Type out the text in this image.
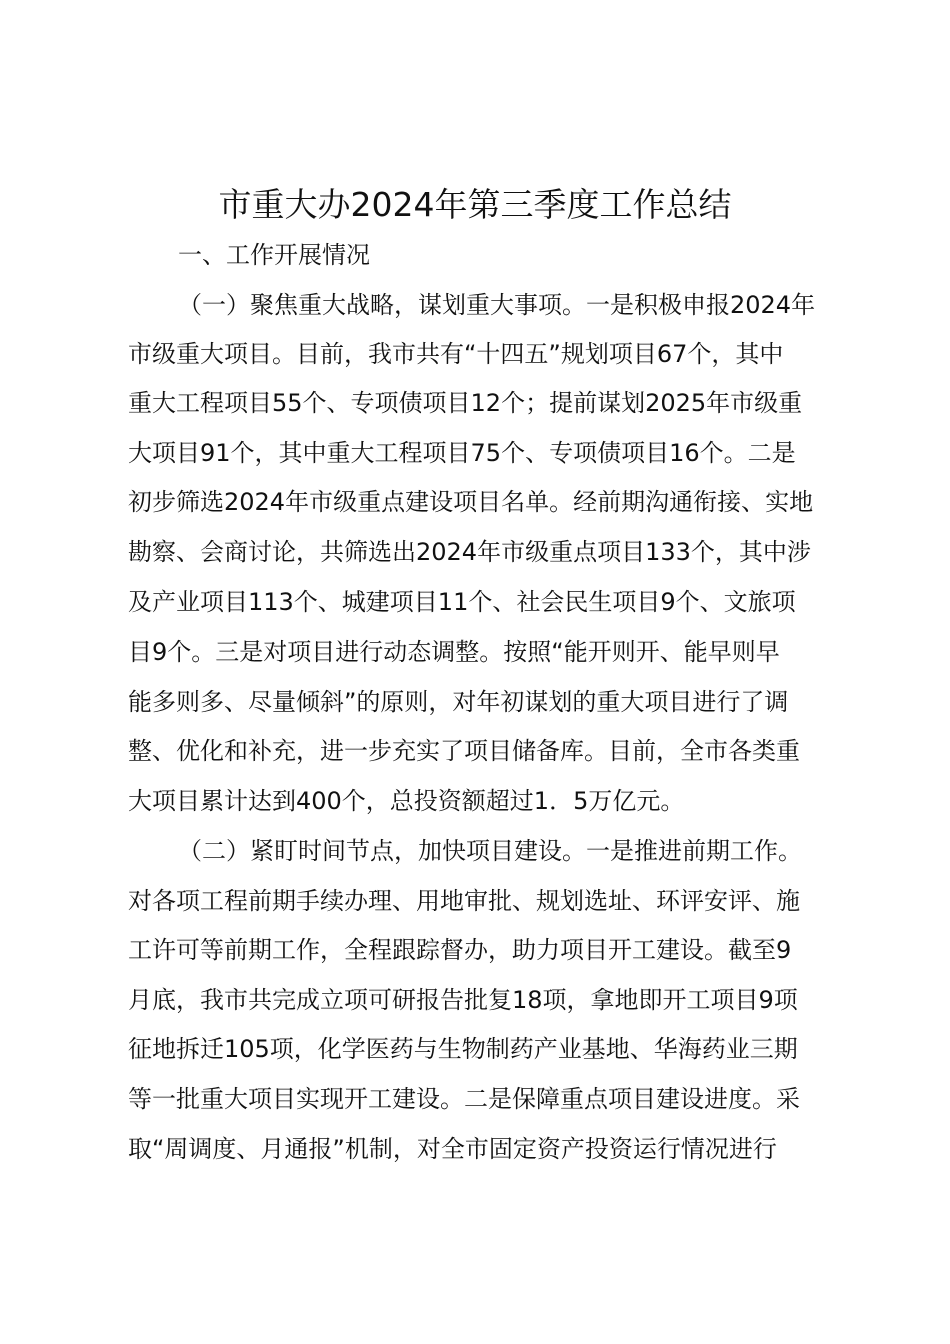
市重大办2024年第三季度工作总结
一、工作开展情况
（一）聚焦重大战略，谋划重大事项。一是积极申报2024年
市级重大项目。目前，我市共有“十四五”规划项目67个，其中
重大工程项目55个、专项债项目12个；提前谋划2025年市级重
大项目91个，其中重大工程项目75个、专项债项目16个。二是
初步筛选2024年市级重点建设项目名单。经前期沟通衔接、实地
勘察、会商讨论，共筛选出2024年市级重点项目133个，其中涉
及产业项目113个、城建项目11个、社会民生项目9个、文旅项
目9个。三是对项目进行动态调整。按照“能开则开、能早则早
能多则多、尽量倾斜”的原则，对年初谋划的重大项目进行了调
整、优化和补充，进一步充实了项目储备库。目前，全市各类重
大项目累计达到400个，总投资额超过1．5万亿元。
（二）紧盯时间节点，加快项目建设。一是推进前期工作。
对各项工程前期手续办理、用地审批、规划选址、环评安评、施
工许可等前期工作，全程跟踪督办，助力项目开工建设。截至9
月底，我市共完成立项可研报告批复18项，拿地即开工项目9项
征地拆迁105项，化学医药与生物制药产业基地、华海药业三期
等一批重大项目实现开工建设。二是保障重点项目建设进度。采
取“周调度、月通报”机制，对全市固定资产投资运行情况进行
